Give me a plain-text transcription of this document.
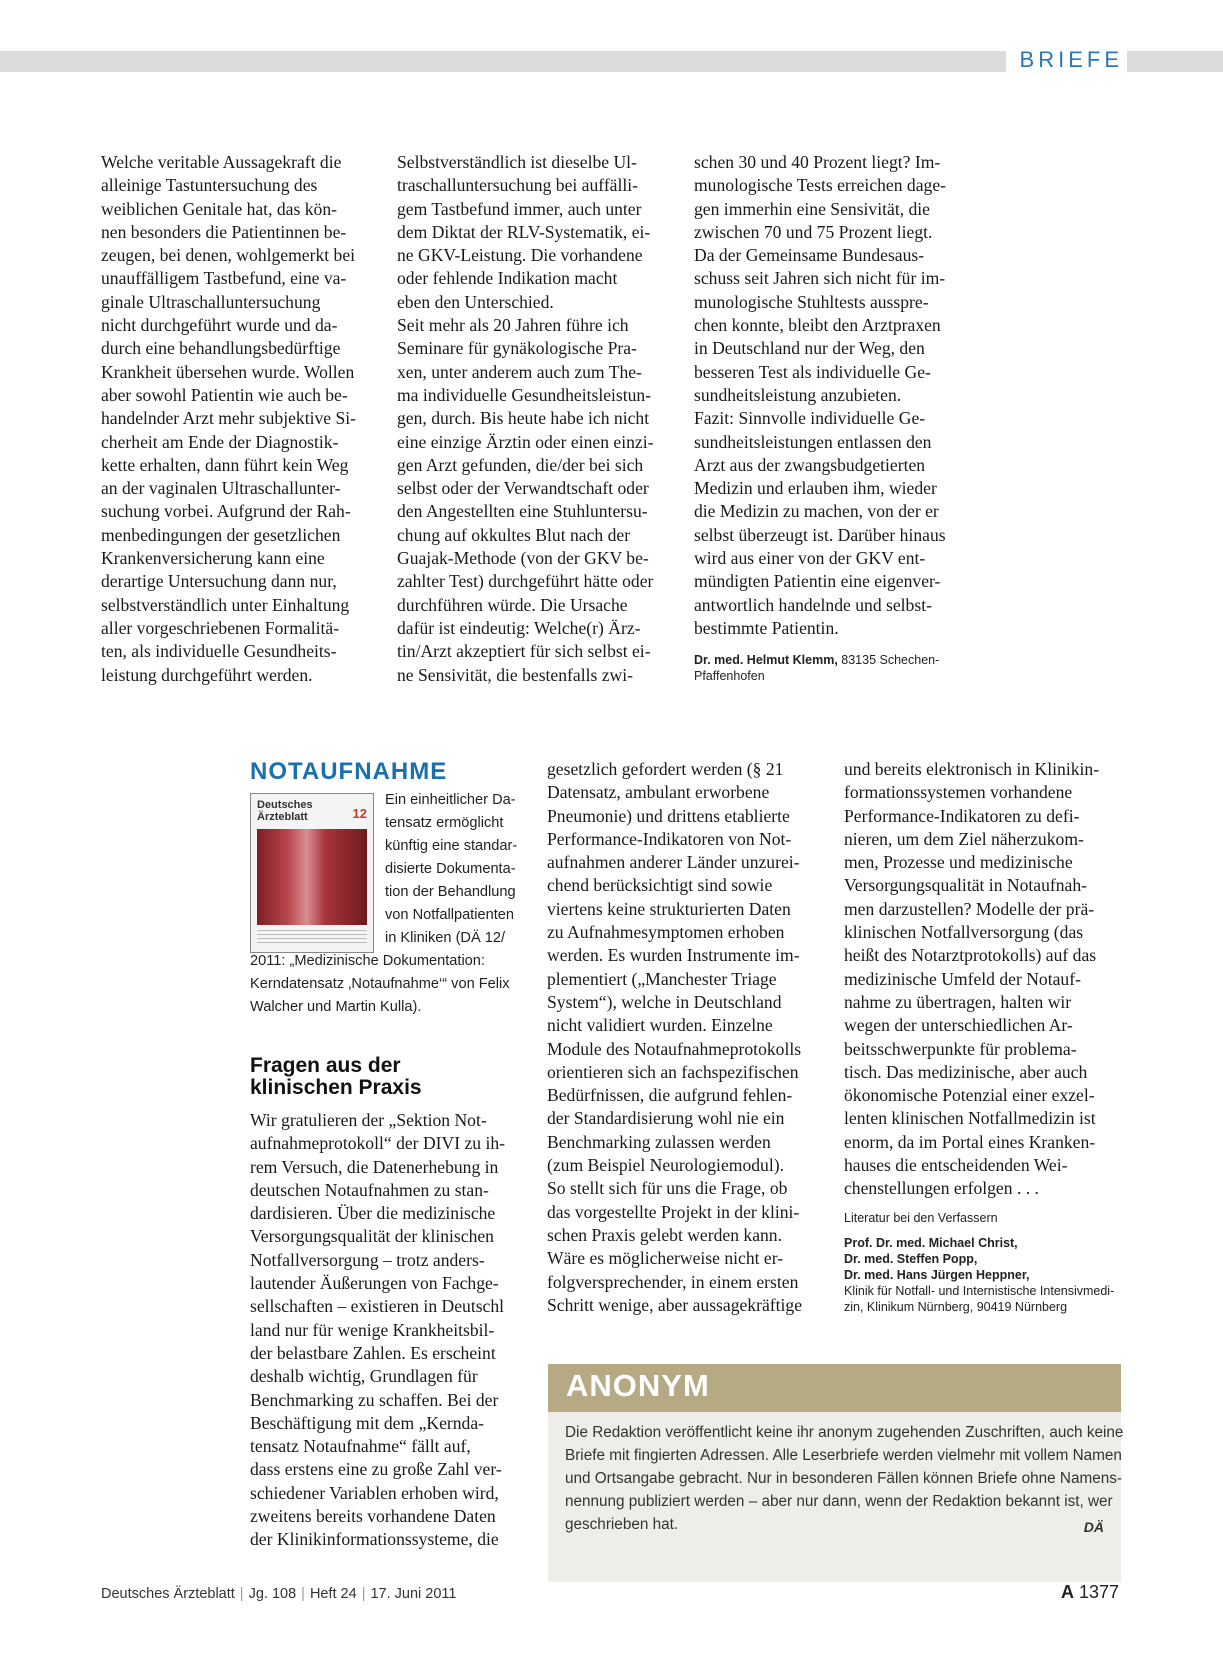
BRIEFE
Welche veritable Aussagekraft die
alleinige Tastuntersuchung des
weiblichen Genitale hat, das kön-
nen besonders die Patientinnen be-
zeugen, bei denen, wohlgemerkt bei
unauffälligem Tastbefund, eine va-
ginale Ultraschalluntersuchung
nicht durchgeführt wurde und da-
durch eine behandlungsbedürftige
Krankheit übersehen wurde. Wollen
aber sowohl Patientin wie auch be-
handelnder Arzt mehr subjektive Si-
cherheit am Ende der Diagnostik-
kette erhalten, dann führt kein Weg
an der vaginalen Ultraschallunter-
suchung vorbei. Aufgrund der Rah-
menbedingungen der gesetzlichen
Krankenversicherung kann eine
derartige Untersuchung dann nur,
selbstverständlich unter Einhaltung
aller vorgeschriebenen Formalitä-
ten, als individuelle Gesundheits-
leistung durchgeführt werden.
Selbstverständlich ist dieselbe Ul-
traschalluntersuchung bei auffälli-
gem Tastbefund immer, auch unter
dem Diktat der RLV-Systematik, ei-
ne GKV-Leistung. Die vorhandene
oder fehlende Indikation macht
eben den Unterschied.
Seit mehr als 20 Jahren führe ich
Seminare für gynäkologische Pra-
xen, unter anderem auch zum The-
ma individuelle Gesundheitsleistun-
gen, durch. Bis heute habe ich nicht
eine einzige Ärztin oder einen einzi-
gen Arzt gefunden, die/der bei sich
selbst oder der Verwandtschaft oder
den Angestellten eine Stuhluntersu-
chung auf okkultes Blut nach der
Guajak-Methode (von der GKV be-
zahlter Test) durchgeführt hätte oder
durchführen würde. Die Ursache
dafür ist eindeutig: Welche(r) Ärz-
tin/Arzt akzeptiert für sich selbst ei-
ne Sensivität, die bestenfalls zwi-
schen 30 und 40 Prozent liegt? Im-
munologische Tests erreichen dage-
gen immerhin eine Sensivität, die
zwischen 70 und 75 Prozent liegt.
Da der Gemeinsame Bundesaus-
schuss seit Jahren sich nicht für im-
munologische Stuhltests ausspre-
chen konnte, bleibt den Arztpraxen
in Deutschland nur der Weg, den
besseren Test als individuelle Ge-
sundheitsleistung anzubieten.
Fazit: Sinnvolle individuelle Ge-
sundheitsleistungen entlassen den
Arzt aus der zwangsbudgetierten
Medizin und erlauben ihm, wieder
die Medizin zu machen, von der er
selbst überzeugt ist. Darüber hinaus
wird aus einer von der GKV ent-
mündigten Patientin eine eigenver-
antwortlich handelnde und selbst-
bestimmte Patientin.
Dr. med. Helmut Klemm, 83135 Schechen-
Pfaffenhofen
NOTAUFNAHME
Deutsches
Ärzteblatt	12
Ein einheitlicher Da-
tensatz ermöglicht
künftig eine standar-
disierte Dokumenta-
tion der Behandlung
von Notfallpatienten
in Kliniken (DÄ 12/
2011: „Medizinische Dokumentation:
Kerndatensatz ‚Notaufnahme‘“ von Felix
Walcher und Martin Kulla).
Fragen aus der
klinischen Praxis
Wir gratulieren der „Sektion Not-
aufnahmeprotokoll“ der DIVI zu ih-
rem Versuch, die Datenerhebung in
deutschen Notaufnahmen zu stan-
dardisieren. Über die medizinische
Versorgungsqualität der klinischen
Notfallversorgung – trotz anders-
lautender Äußerungen von Fachge-
sellschaften – existieren in Deutschl
land nur für wenige Krankheitsbil-
der belastbare Zahlen. Es erscheint
deshalb wichtig, Grundlagen für
Benchmarking zu schaffen. Bei der
Beschäftigung mit dem „Kernda-
tensatz Notaufnahme“ fällt auf,
dass erstens eine zu große Zahl ver-
schiedener Variablen erhoben wird,
zweitens bereits vorhandene Daten
der Klinikinformationssysteme, die
gesetzlich gefordert werden (§ 21
Datensatz, ambulant erworbene
Pneumonie) und drittens etablierte
Performance-Indikatoren von Not-
aufnahmen anderer Länder unzurei-
chend berücksichtigt sind sowie
viertens keine strukturierten Daten
zu Aufnahmesymptomen erhoben
werden. Es wurden Instrumente im-
plementiert („Manchester Triage
System“), welche in Deutschland
nicht validiert wurden. Einzelne
Module des Notaufnahmeprotokolls
orientieren sich an fachspezifischen
Bedürfnissen, die aufgrund fehlen-
der Standardisierung wohl nie ein
Benchmarking zulassen werden
(zum Beispiel Neurologiemodul).
So stellt sich für uns die Frage, ob
das vorgestellte Projekt in der klini-
schen Praxis gelebt werden kann.
Wäre es möglicherweise nicht er-
folgversprechender, in einem ersten
Schritt wenige, aber aussagekräftige
und bereits elektronisch in Klinikin-
formationssystemen vorhandene
Performance-Indikatoren zu defi-
nieren, um dem Ziel näherzukom-
men, Prozesse und medizinische
Versorgungsqualität in Notaufnah-
men darzustellen? Modelle der prä-
klinischen Notfallversorgung (das
heißt des Notarztprotokolls) auf das
medizinische Umfeld der Notauf-
nahme zu übertragen, halten wir
wegen der unterschiedlichen Ar-
beitsschwerpunkte für problema-
tisch. Das medizinische, aber auch
ökonomische Potenzial einer exzel-
lenten klinischen Notfallmedizin ist
enorm, da im Portal eines Kranken-
hauses die entscheidenden Wei-
chenstellungen erfolgen . . .
Literatur bei den Verfassern
Prof. Dr. med. Michael Christ,
Dr. med. Steffen Popp,
Dr. med. Hans Jürgen Heppner,
Klinik für Notfall- und Internistische Intensivmedi-
zin, Klinikum Nürnberg, 90419 Nürnberg
ANONYM
Die Redaktion veröffentlicht keine ihr anonym zugehenden Zuschriften, auch keine
Briefe mit fingierten Adressen. Alle Leserbriefe werden vielmehr mit vollem Namen
und Ortsangabe gebracht. Nur in besonderen Fällen können Briefe ohne Namens-
nennung publiziert werden – aber nur dann, wenn der Redaktion bekannt ist, wer
geschrieben hat.	DÄ
Deutsches Ärzteblatt | Jg. 108 | Heft 24 | 17. Juni 2011	A 1377
